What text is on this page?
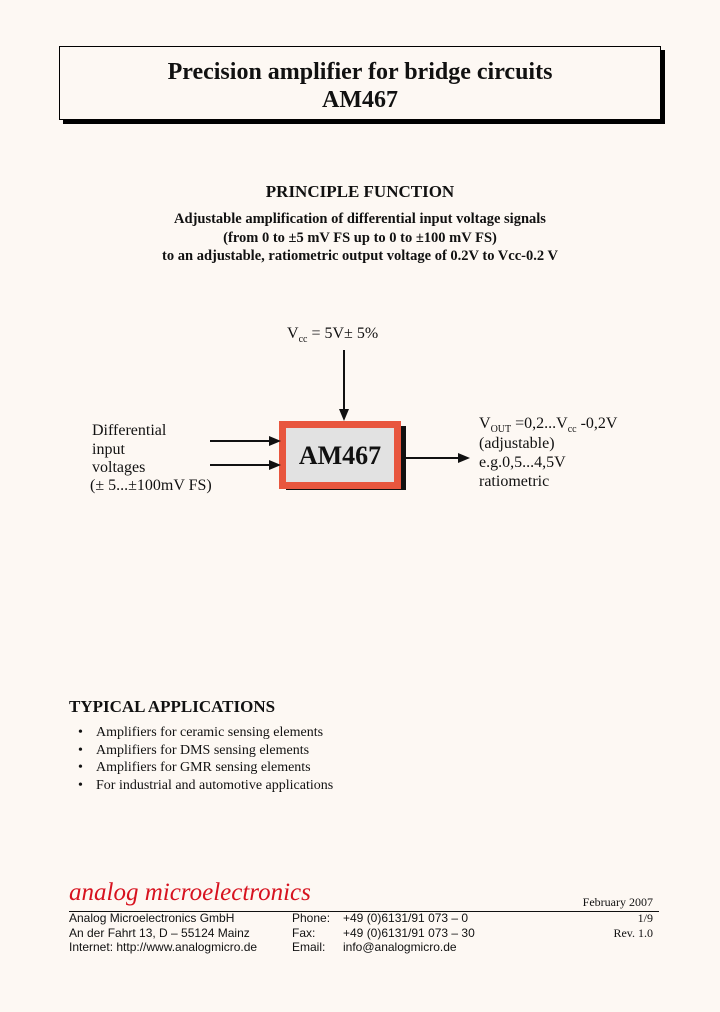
Precision amplifier for bridge circuits
AM467
PRINCIPLE FUNCTION
Adjustable amplification of differential input voltage signals
(from 0 to ±5 mV FS up to 0 to ±100 mV FS)
to an adjustable, ratiometric output voltage of 0.2V to Vcc-0.2 V
$V_{cc} = 5V\pm 5\%$
AM467
Differential
input
voltages
(± 5...±100mV FS)
$V_{OUT} =0,2...V_{cc}$ -0,2V
(adjustable)
e.g.0,5...4,5V
ratiometric
TYPICAL APPLICATIONS
• Amplifiers for ceramic sensing elements
• Amplifiers for DMS sensing elements
• Amplifiers for GMR sensing elements
• For industrial and automotive applications
analog microelectronics
Analog Microelectronics GmbH
An der Fahrt 13, D – 55124 Mainz
Internet: http://www.analogmicro.de
Phone:
Fax:
Email:
+49 (0)6131/91 073 – 0
+49 (0)6131/91 073 – 30
info@analogmicro.de
February 2007
1/9
Rev. 1.0
